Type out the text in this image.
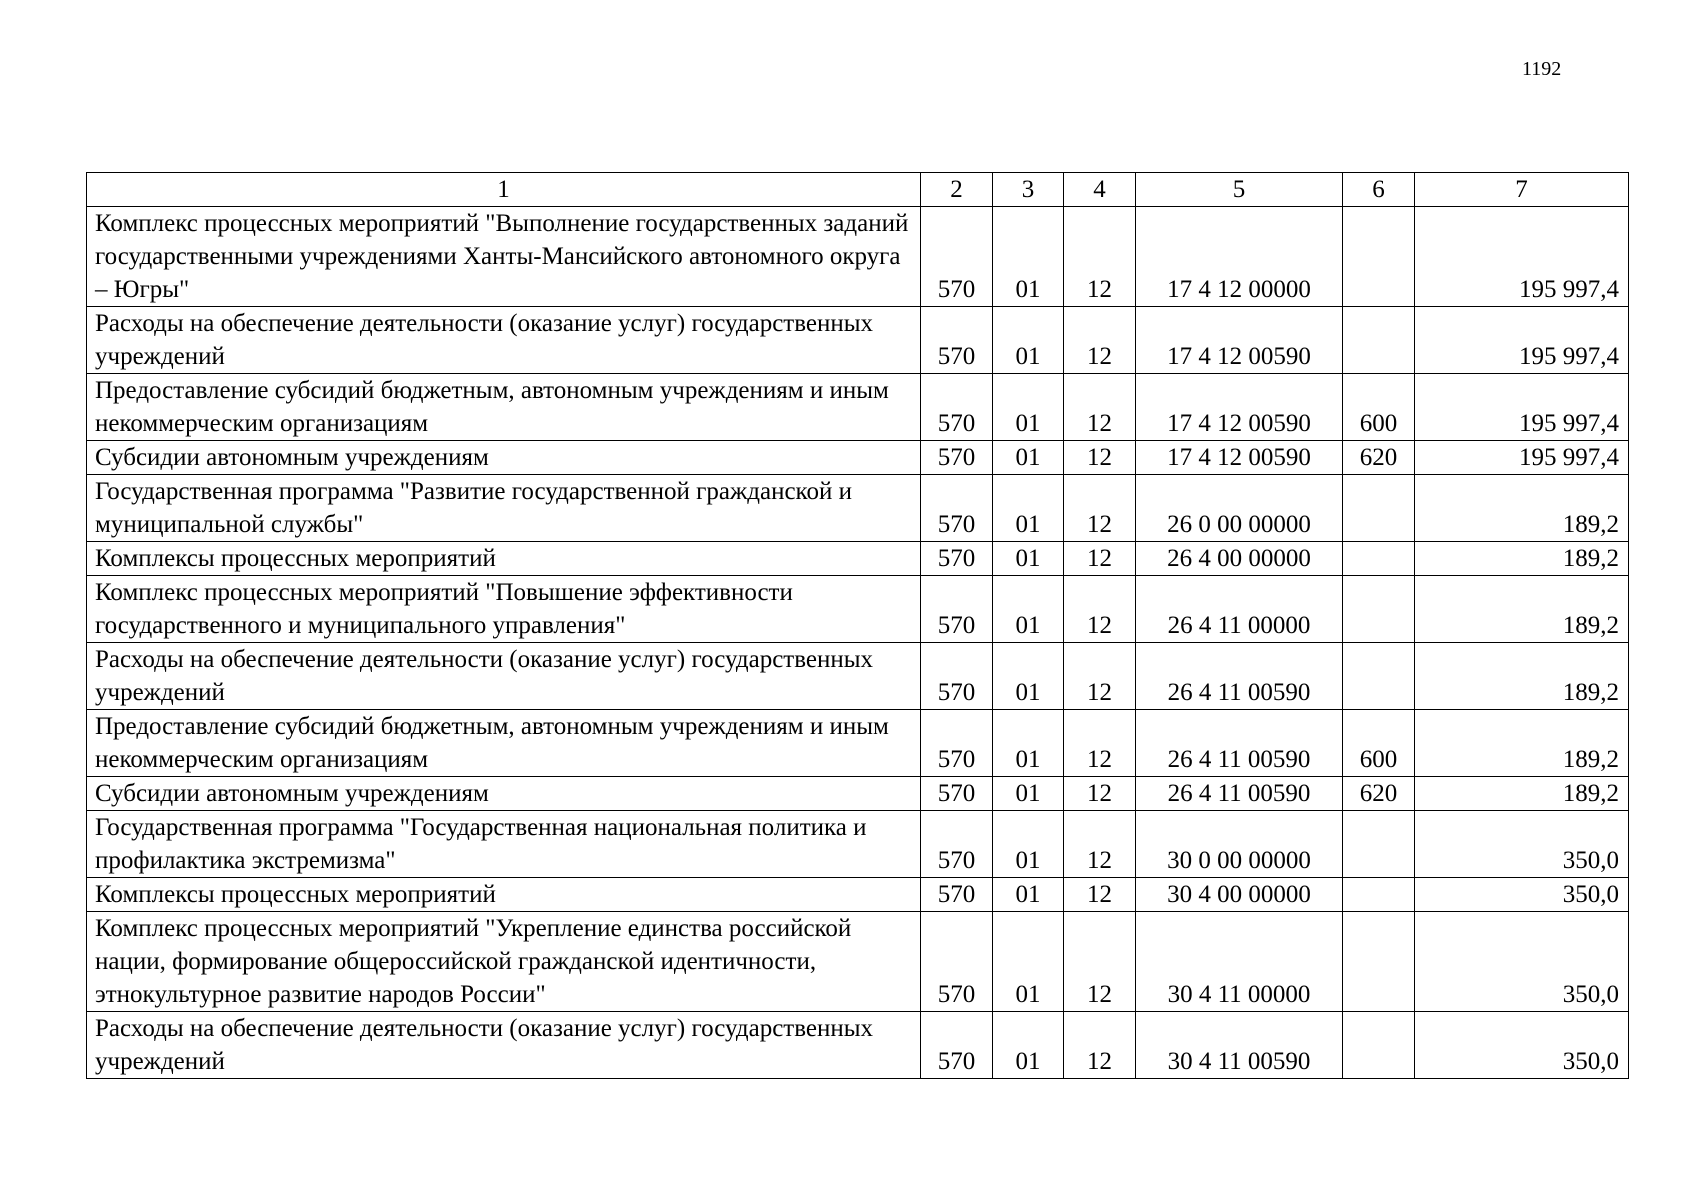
1192
1	2	3	4	5	6	7
Комплекс процессных мероприятий "Выполнение государственных заданий государственными учреждениями Ханты-Мансийского автономного округа – Югры"	570	01	12	17 4 12 00000		195 997,4
Расходы на обеспечение деятельности (оказание услуг) государственных учреждений	570	01	12	17 4 12 00590		195 997,4
Предоставление субсидий бюджетным, автономным учреждениям и иным некоммерческим организациям	570	01	12	17 4 12 00590	600	195 997,4
Субсидии автономным учреждениям	570	01	12	17 4 12 00590	620	195 997,4
Государственная программа "Развитие государственной гражданской и муниципальной службы"	570	01	12	26 0 00 00000		189,2
Комплексы процессных мероприятий	570	01	12	26 4 00 00000		189,2
Комплекс процессных мероприятий "Повышение эффективности государственного и муниципального управления"	570	01	12	26 4 11 00000		189,2
Расходы на обеспечение деятельности (оказание услуг) государственных учреждений	570	01	12	26 4 11 00590		189,2
Предоставление субсидий бюджетным, автономным учреждениям и иным некоммерческим организациям	570	01	12	26 4 11 00590	600	189,2
Субсидии автономным учреждениям	570	01	12	26 4 11 00590	620	189,2
Государственная программа "Государственная национальная политика и профилактика экстремизма"	570	01	12	30 0 00 00000		350,0
Комплексы процессных мероприятий	570	01	12	30 4 00 00000		350,0
Комплекс процессных мероприятий "Укрепление единства российской нации, формирование общероссийской гражданской идентичности, этнокультурное развитие народов России"	570	01	12	30 4 11 00000		350,0
Расходы на обеспечение деятельности (оказание услуг) государственных учреждений	570	01	12	30 4 11 00590		350,0
